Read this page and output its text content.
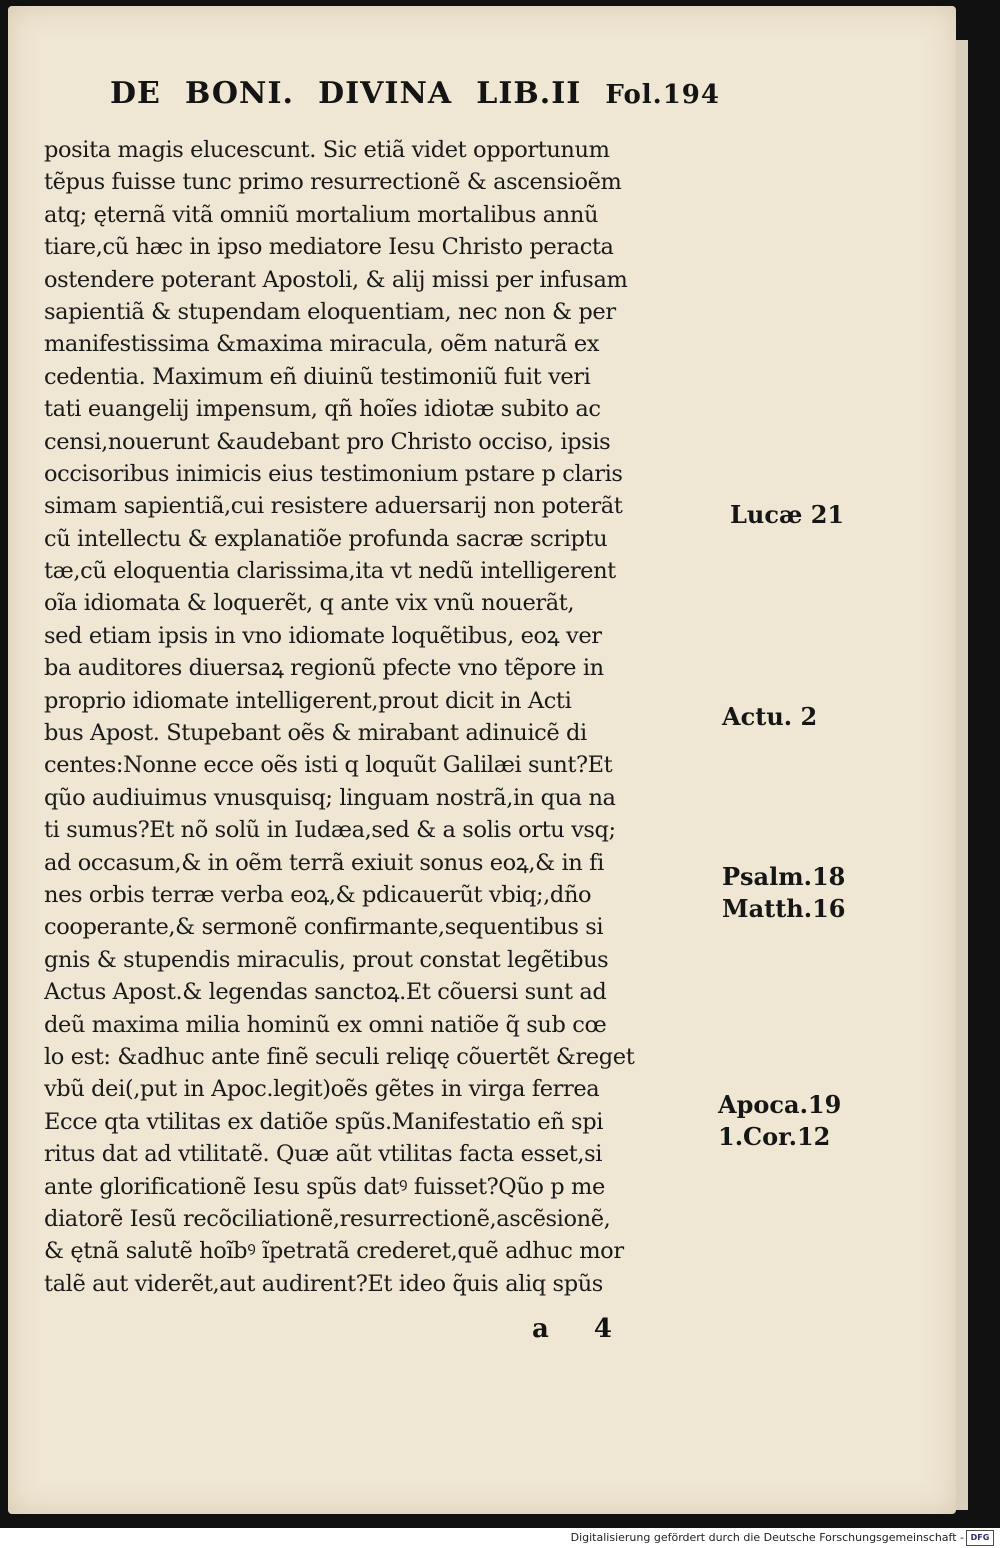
DE BONI. DIVINA LIB.II Fol.194
posita magis elucescunt. Sic etiã videt opportunum
tẽpus fuisse tunc primo resurrectionẽ & ascensioẽm
atq; ęternã vitã omniũ mortalium mortalibus annũ
tiare,cũ hæc in ipso mediatore Iesu Christo peracta
ostendere poterant Apostoli, & alij missi per infusam
sapientiã & stupendam eloquentiam, nec non & per
manifestissima &maxima miracula, oẽm naturã ex
cedentia. Maximum eñ diuinũ testimoniũ fuit veri
tati euangelij impensum, qñ hoĩes idiotæ subito ac
censi,nouerunt &audebant pro Christo occiso, ipsis
occisoribus inimicis eius testimonium pstare p claris
simam sapientiã,cui resistere aduersarij non poterãt
cũ intellectu & explanatiõe profunda sacræ scriptu
tæ,cũ eloquentia clarissima,ita vt nedũ intelligerent
oĩa idiomata & loquerẽt, q ante vix vnũ nouerãt,
sed etiam ipsis in vno idiomate loquẽtibus, eoꝝ ver
ba auditores diuersaꝝ regionũ pfecte vno tẽpore in
proprio idiomate intelligerent,prout dicit in Acti
bus Apost. Stupebant oẽs & mirabant adinuicẽ di
centes:Nonne ecce oẽs isti q loquũt Galilæi sunt?Et
qũo audiuimus vnusquisq; linguam nostrã,in qua na
ti sumus?Et nõ solũ in Iudæa,sed & a solis ortu vsq;
ad occasum,& in oẽm terrã exiuit sonus eoꝝ,& in fi
nes orbis terræ verba eoꝝ,& pdicauerũt vbiq;,dño
cooperante,& sermonẽ confirmante,sequentibus si
gnis & stupendis miraculis, prout constat legẽtibus
Actus Apost.& legendas sanctoꝝ.Et cõuersi sunt ad
deũ maxima milia hominũ ex omni natiõe q̃ sub cœ
lo est: &adhuc ante finẽ seculi reliqę cõuertẽt &reget
vbũ dei(,put in Apoc.legit)oẽs gẽtes in virga ferrea
Ecce qta vtilitas ex datiõe spũs.Manifestatio eñ spi
ritus dat ad vtilitatẽ. Quæ aũt vtilitas facta esset,si
ante glorificationẽ Iesu spũs datꝰ fuisset?Qũo p me
diatorẽ Iesũ recõciliationẽ,resurrectionẽ,ascẽsionẽ,
& ętnã salutẽ hoĩbꝰ ĩpetratã crederet,quẽ adhuc mor
talẽ aut viderẽt,aut audirent?Et ideo q̃uis aliq spũs
Lucæ 21
Actu. 2
Psalm.18
Matth.16
Apoca.19
1.Cor.12
a 4
Digitalisierung gefördert durch die Deutsche Forschungsgemeinschaft - DFG
